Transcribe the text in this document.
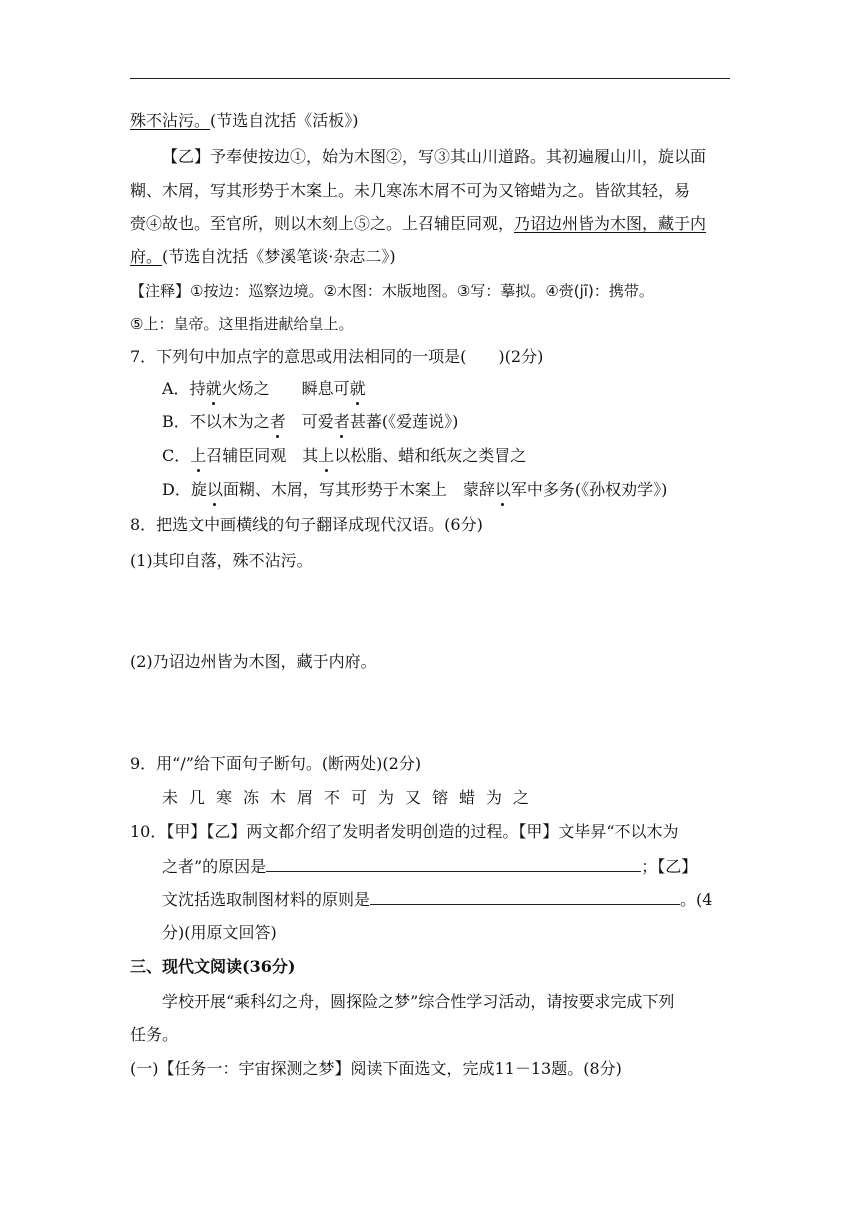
殊不沾污。(节选自沈括《活板》)
【乙】予奉使按边①，始为木图②，写③其山川道路。其初遍履山川，旋以面
糊、木屑，写其形势于木案上。未几寒冻木屑不可为又镕蜡为之。皆欲其轻，易
赍④故也。至官所，则以木刻上⑤之。上召辅臣同观，乃诏边州皆为木图，藏于内
府。(节选自沈括《梦溪笔谈·杂志二》)
【注释】①按边：巡察边境。②木图：木版地图。③写：摹拟。④赍(jī)：携带。
⑤上：皇帝。这里指进献给皇上。
7．下列句中加点字的意思或用法相同的一项是(　　)(2分)
A．持就火炀之　　瞬息可就
B．不以木为之者　可爱者甚蕃(《爱莲说》)
C．上召辅臣同观　其上以松脂、蜡和纸灰之类冒之
D．旋以面糊、木屑，写其形势于木案上　蒙辞以军中多务(《孙权劝学》)
8．把选文中画横线的句子翻译成现代汉语。(6分)
(1)其印自落，殊不沾污。
(2)乃诏边州皆为木图，藏于内府。
9．用“/”给下面句子断句。(断两处)(2分)
未几寒冻木屑不可为又镕蜡为之
10．【甲】【乙】两文都介绍了发明者发明创造的过程。【甲】文毕昇“不以木为
之者”的原因是	；【乙】
文沈括选取制图材料的原则是	。(4
分)(用原文回答)
三、现代文阅读(36分)
学校开展“乘科幻之舟，圆探险之梦”综合性学习活动，请按要求完成下列
任务。
(一)【任务一：宇宙探测之梦】阅读下面选文，完成11－13题。(8分)
